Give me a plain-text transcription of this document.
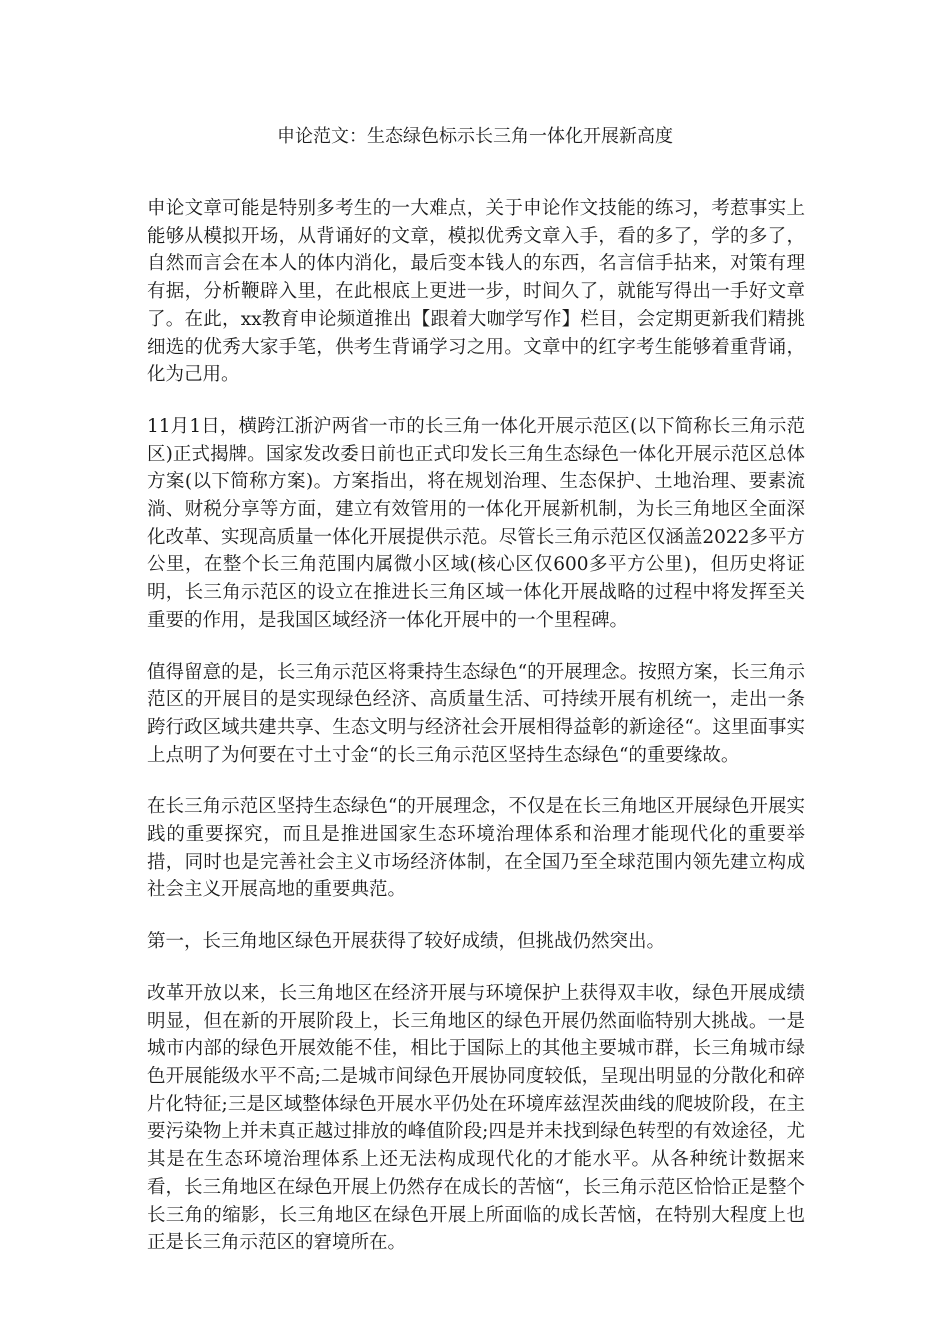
申论范文：生态绿色标示长三角一体化开展新高度

申论文章可能是特别多考生的一大难点，关于申论作文技能的练习，考惹事实上能够从模拟开场，从背诵好的文章，模拟优秀文章入手，看的多了，学的多了，自然而言会在本人的体内消化，最后变本钱人的东西，名言信手拈来，对策有理有据，分析鞭辟入里，在此根底上更进一步，时间久了，就能写得出一手好文章了。在此，xx教育申论频道推出【跟着大咖学写作】栏目，会定期更新我们精挑细选的优秀大家手笔，供考生背诵学习之用。文章中的红字考生能够着重背诵，化为己用。

11月1日，横跨江浙沪两省一市的长三角一体化开展示范区(以下简称长三角示范区)正式揭牌。国家发改委日前也正式印发长三角生态绿色一体化开展示范区总体方案(以下简称方案)。方案指出，将在规划治理、生态保护、土地治理、要素流淌、财税分享等方面，建立有效管用的一体化开展新机制，为长三角地区全面深化改革、实现高质量一体化开展提供示范。尽管长三角示范区仅涵盖2022多平方公里，在整个长三角范围内属微小区域(核心区仅600多平方公里)，但历史将证明，长三角示范区的设立在推进长三角区域一体化开展战略的过程中将发挥至关重要的作用，是我国区域经济一体化开展中的一个里程碑。

值得留意的是，长三角示范区将秉持生态绿色“的开展理念。按照方案，长三角示范区的开展目的是实现绿色经济、高质量生活、可持续开展有机统一，走出一条跨行政区域共建共享、生态文明与经济社会开展相得益彰的新途径“。这里面事实上点明了为何要在寸土寸金“的长三角示范区坚持生态绿色“的重要缘故。

在长三角示范区坚持生态绿色“的开展理念，不仅是在长三角地区开展绿色开展实践的重要探究，而且是推进国家生态环境治理体系和治理才能现代化的重要举措，同时也是完善社会主义市场经济体制，在全国乃至全球范围内领先建立构成社会主义开展高地的重要典范。

第一，长三角地区绿色开展获得了较好成绩，但挑战仍然突出。

改革开放以来，长三角地区在经济开展与环境保护上获得双丰收，绿色开展成绩明显，但在新的开展阶段上，长三角地区的绿色开展仍然面临特别大挑战。一是城市内部的绿色开展效能不佳，相比于国际上的其他主要城市群，长三角城市绿色开展能级水平不高;二是城市间绿色开展协同度较低，呈现出明显的分散化和碎片化特征;三是区域整体绿色开展水平仍处在环境库兹涅茨曲线的爬坡阶段，在主要污染物上并未真正越过排放的峰值阶段;四是并未找到绿色转型的有效途径，尤其是在生态环境治理体系上还无法构成现代化的才能水平。从各种统计数据来看，长三角地区在绿色开展上仍然存在成长的苦恼“，长三角示范区恰恰正是整个长三角的缩影，长三角地区在绿色开展上所面临的成长苦恼，在特别大程度上也正是长三角示范区的窘境所在。
